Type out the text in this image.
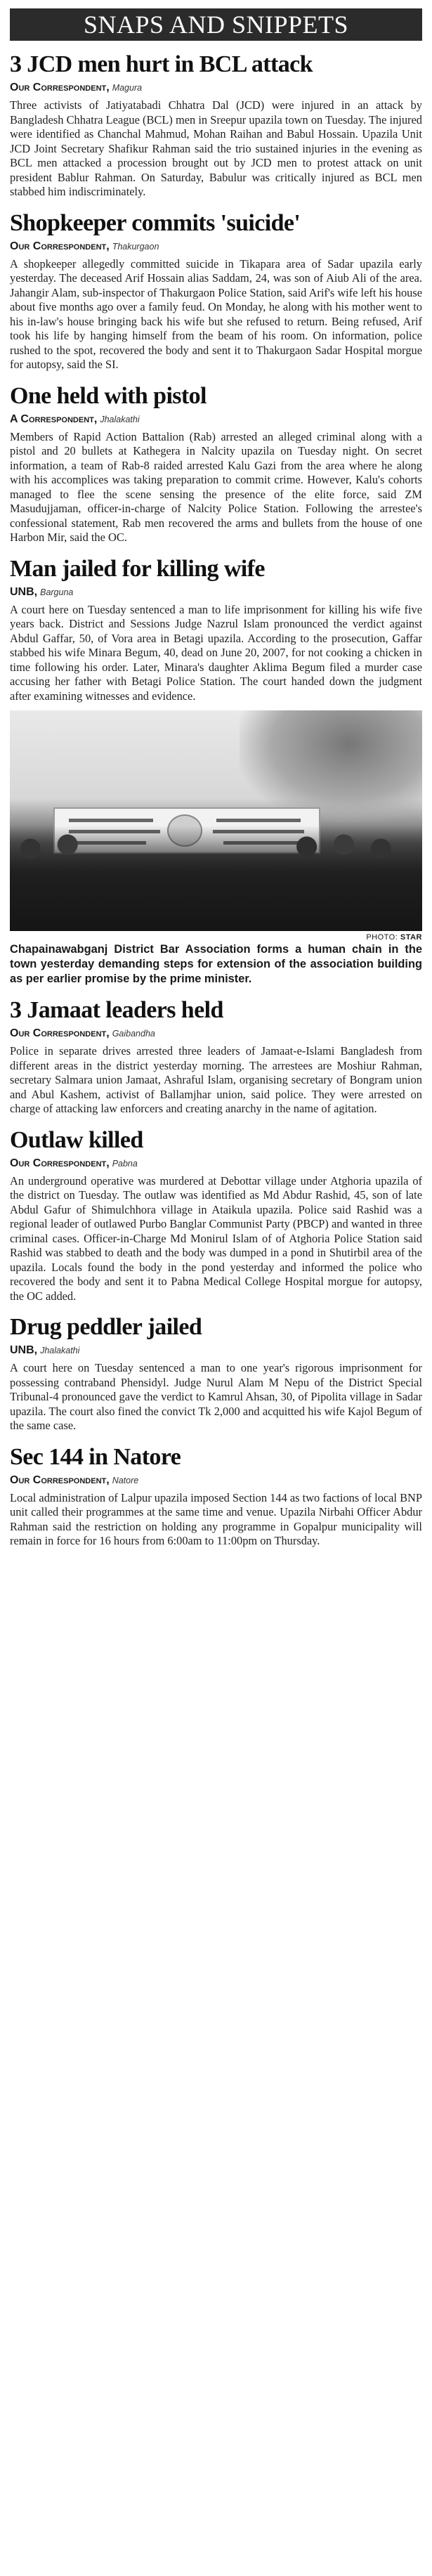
SNAPS AND SNIPPETS
3 JCD men hurt in BCL attack
Our Correspondent, Magura

Three activists of Jatiyatabadi Chhatra Dal (JCD) were injured in an attack by Bangladesh Chhatra League (BCL) men in Sreepur upazila town on Tuesday. The injured were identified as Chanchal Mahmud, Mohan Raihan and Babul Hossain. Upazila Unit JCD Joint Secretary Shafikur Rahman said the trio sustained injuries in the evening as BCL men attacked a procession brought out by JCD men to protest attack on unit president Bablur Rahman. On Saturday, Babulur was critically injured as BCL men stabbed him indiscriminately.

Shopkeeper commits 'suicide'
Our Correspondent, Thakurgaon

A shopkeeper allegedly committed suicide in Tikapara area of Sadar upazila early yesterday. The deceased Arif Hossain alias Saddam, 24, was son of Aiub Ali of the area. Jahangir Alam, sub-inspector of Thakurgaon Police Station, said Arif's wife left his house about five months ago over a family feud. On Monday, he along with his mother went to his in-law's house bringing back his wife but she refused to return. Being refused, Arif took his life by hanging himself from the beam of his room. On information, police rushed to the spot, recovered the body and sent it to Thakurgaon Sadar Hospital morgue for autopsy, said the SI.

One held with pistol
A Correspondent, Jhalakathi

Members of Rapid Action Battalion (Rab) arrested an alleged criminal along with a pistol and 20 bullets at Kathegera in Nalcity upazila on Tuesday night. On secret information, a team of Rab-8 raided arrested Kalu Gazi from the area where he along with his accomplices was taking preparation to commit crime. However, Kalu's cohorts managed to flee the scene sensing the presence of the elite force, said ZM Masudujjaman, officer-in-charge of Nalcity Police Station. Following the arrestee's confessional statement, Rab men recovered the arms and bullets from the house of one Harbon Mir, said the OC.

Man jailed for killing wife
UNB, Barguna

A court here on Tuesday sentenced a man to life imprisonment for killing his wife five years back. District and Sessions Judge Nazrul Islam pronounced the verdict against Abdul Gaffar, 50, of Vora area in Betagi upazila. According to the prosecution, Gaffar stabbed his wife Minara Begum, 40, dead on June 20, 2007, for not cooking a chicken in time following his order. Later, Minara's daughter Aklima Begum filed a murder case accusing her father with Betagi Police Station. The court handed down the judgment after examining witnesses and evidence.

PHOTO: STAR

Chapainawabganj District Bar Association forms a human chain in the town yesterday demanding steps for extension of the association building as per earlier promise by the prime minister.

3 Jamaat leaders held
Our Correspondent, Gaibandha

Police in separate drives arrested three leaders of Jamaat-e-Islami Bangladesh from different areas in the district yesterday morning. The arrestees are Moshiur Rahman, secretary Salmara union Jamaat, Ashraful Islam, organising secretary of Bongram union and Abul Kashem, activist of Ballamjhar union, said police. They were arrested on charge of attacking law enforcers and creating anarchy in the name of agitation.

Outlaw killed
Our Correspondent, Pabna

An underground operative was murdered at Debottar village under Atghoria upazila of the district on Tuesday. The outlaw was identified as Md Abdur Rashid, 45, son of late Abdul Gafur of Shimulchhora village in Ataikula upazila. Police said Rashid was a regional leader of outlawed Purbo Banglar Communist Party (PBCP) and wanted in three criminal cases. Officer-in-Charge Md Monirul Islam of of Atghoria Police Station said Rashid was stabbed to death and the body was dumped in a pond in Shutirbil area of the upazila. Locals found the body in the pond yesterday and informed the police who recovered the body and sent it to Pabna Medical College Hospital morgue for autopsy, the OC added.

Drug peddler jailed
UNB, Jhalakathi

A court here on Tuesday sentenced a man to one year's rigorous imprisonment for possessing contraband Phensidyl. Judge Nurul Alam M Nepu of the District Special Tribunal-4 pronounced gave the verdict to Kamrul Ahsan, 30, of Pipolita village in Sadar upazila. The court also fined the convict Tk 2,000 and acquitted his wife Kajol Begum of the same case.

Sec 144 in Natore
Our Correspondent, Natore

Local administration of Lalpur upazila imposed Section 144 as two factions of local BNP unit called their programmes at the same time and venue. Upazila Nirbahi Officer Abdur Rahman said the restriction on holding any programme in Gopalpur municipality will remain in force for 16 hours from 6:00am to 11:00pm on Thursday.
